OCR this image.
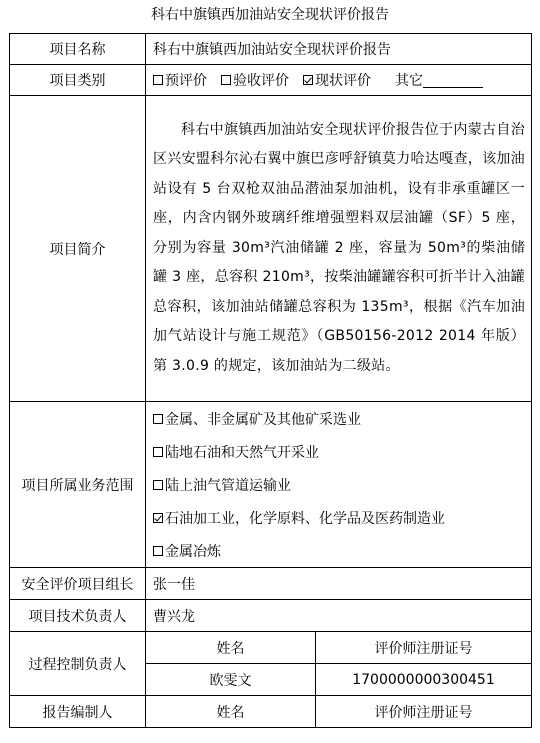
科右中旗镇西加油站安全现状评价报告
项目名称	科右中旗镇西加油站安全现状评价报告	
项目类别	预评价 验收评价 现状评价 其它	

项目简介	科右中旗镇西加油站安全现状评价报告位于内蒙古自治区兴安盟科尔沁右翼中旗巴彦呼舒镇莫力哈达嘎查，该加油站设有 5 台双枪双油品潜油泵加油机，设有非承重罐区一座，内含内钢外玻璃纤维增强塑料双层油罐（SF）5 座，分别为容量 30m³汽油储罐 2 座，容量为 50m³的柴油储罐 3 座，总容积 210m³，按柴油罐罐容积可折半计入油罐总容积，该加油站储罐总容积为 135m³，根据《汽车加油加气站设计与施工规范》（GB50156-2012 2014 年版）第 3.0.9 的规定，该加油站为二级站。	

项目所属业务范围	金属、非金属矿及其他矿采选业
陆地石油和天然气开采业
陆上油气管道运输业
石油加工业，化学原料、化学品及医药制造业
金属冶炼	

安全评价项目组长	张一佳	
项目技术负责人	曹兴龙	
过程控制负责人	姓名	评价师注册证号
	欧雯文	1700000000300451
报告编制人	姓名	评价师注册证号
